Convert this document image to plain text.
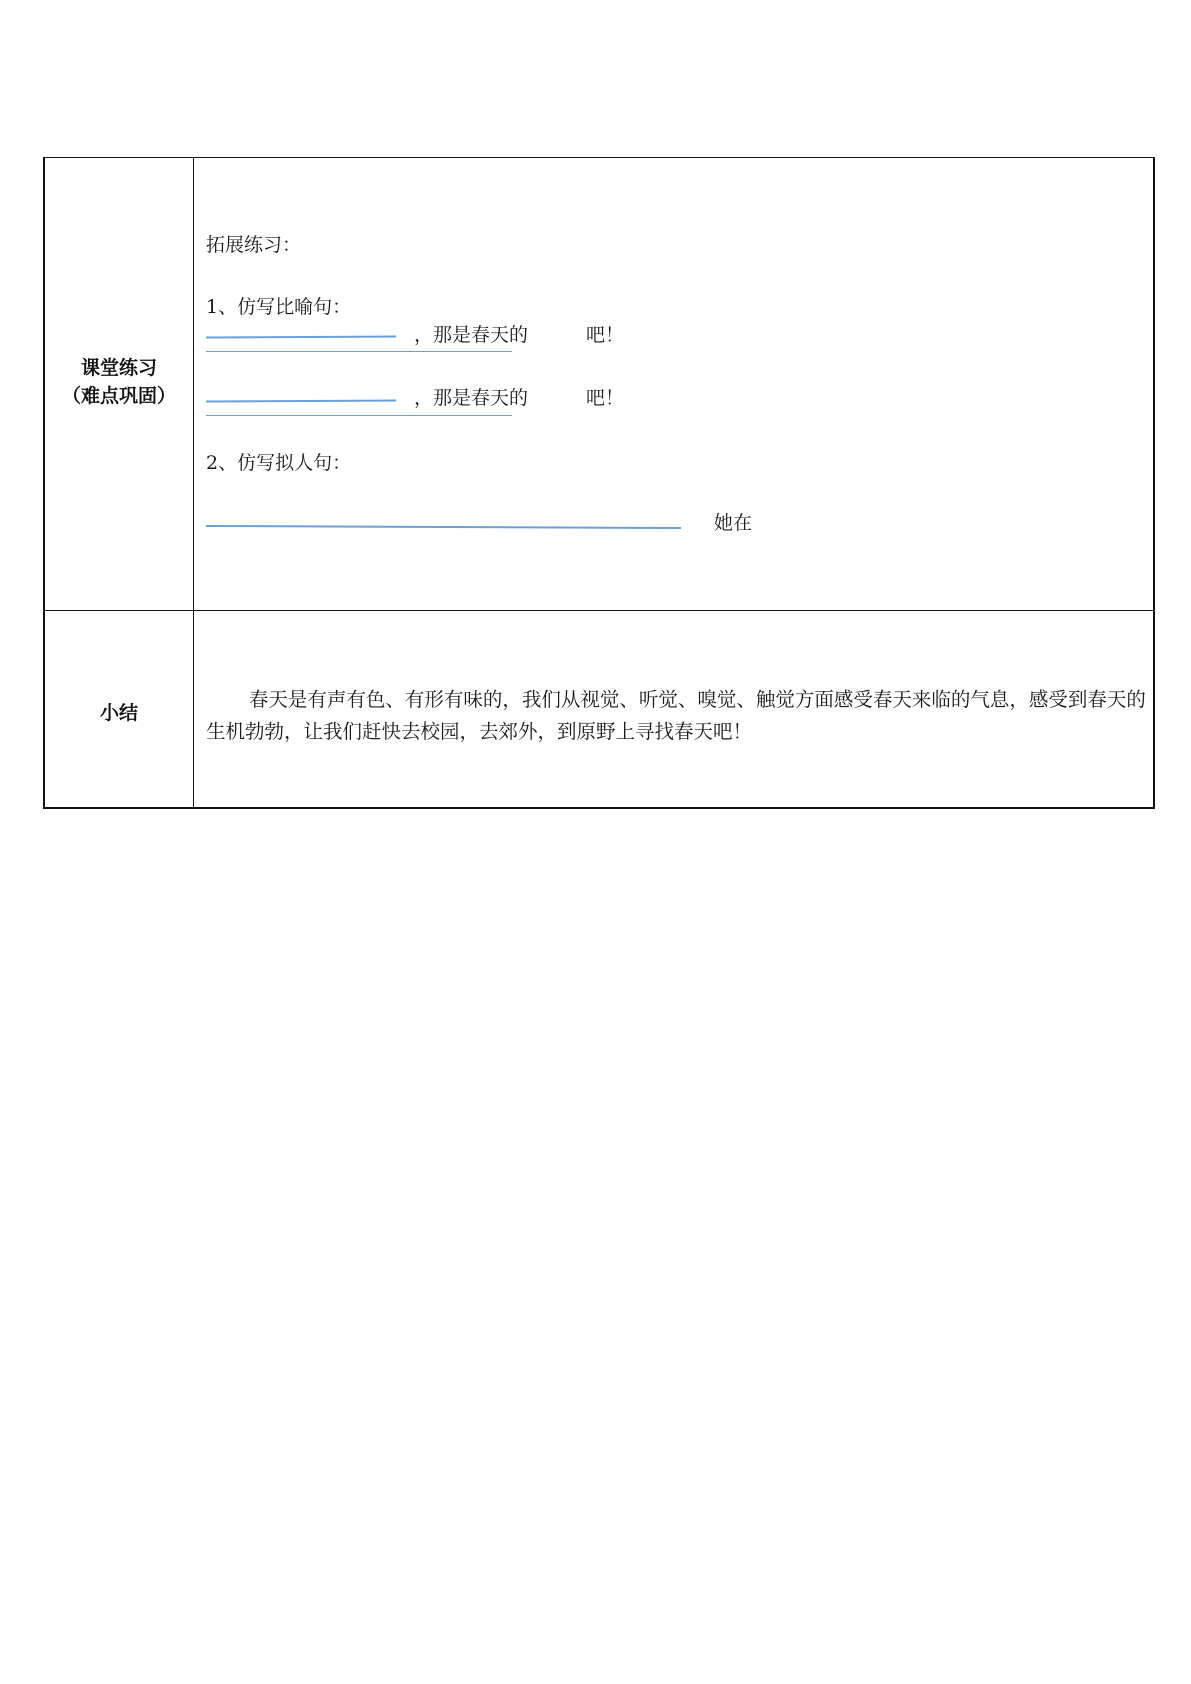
课堂练习
（难点巩固）
小结
拓展练习：
1、仿写比喻句：
，那是春天的	吧！
，那是春天的	吧！
2、仿写拟人句：
她在
春天是有声有色、有形有味的，我们从视觉、听觉、嗅觉、触觉方面感受春天来临的气息，感受到春天的生机勃勃，让我们赶快去校园，去郊外，到原野上寻找春天吧！
